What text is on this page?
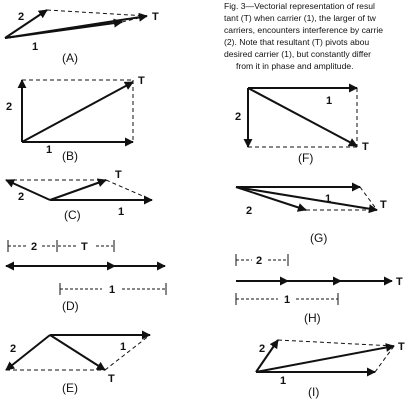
Fig. 3—Vectorial representation of resul
tant (T) when carrier (1), the larger of tw
carriers, encounters interference by carrie
(2). Note that resultant (T) pivots abou
desired carrier (1), but constantly differ
from it in phase and amplitude.
2
1
T
(A)
2
1
T
(B)
2
1
T
(C)
2	T
1
(D)
2	1
T
(E)
2
1
T
(F)
2
1	T
(G)
2
T
1
(H)
2
1
T
(I)
